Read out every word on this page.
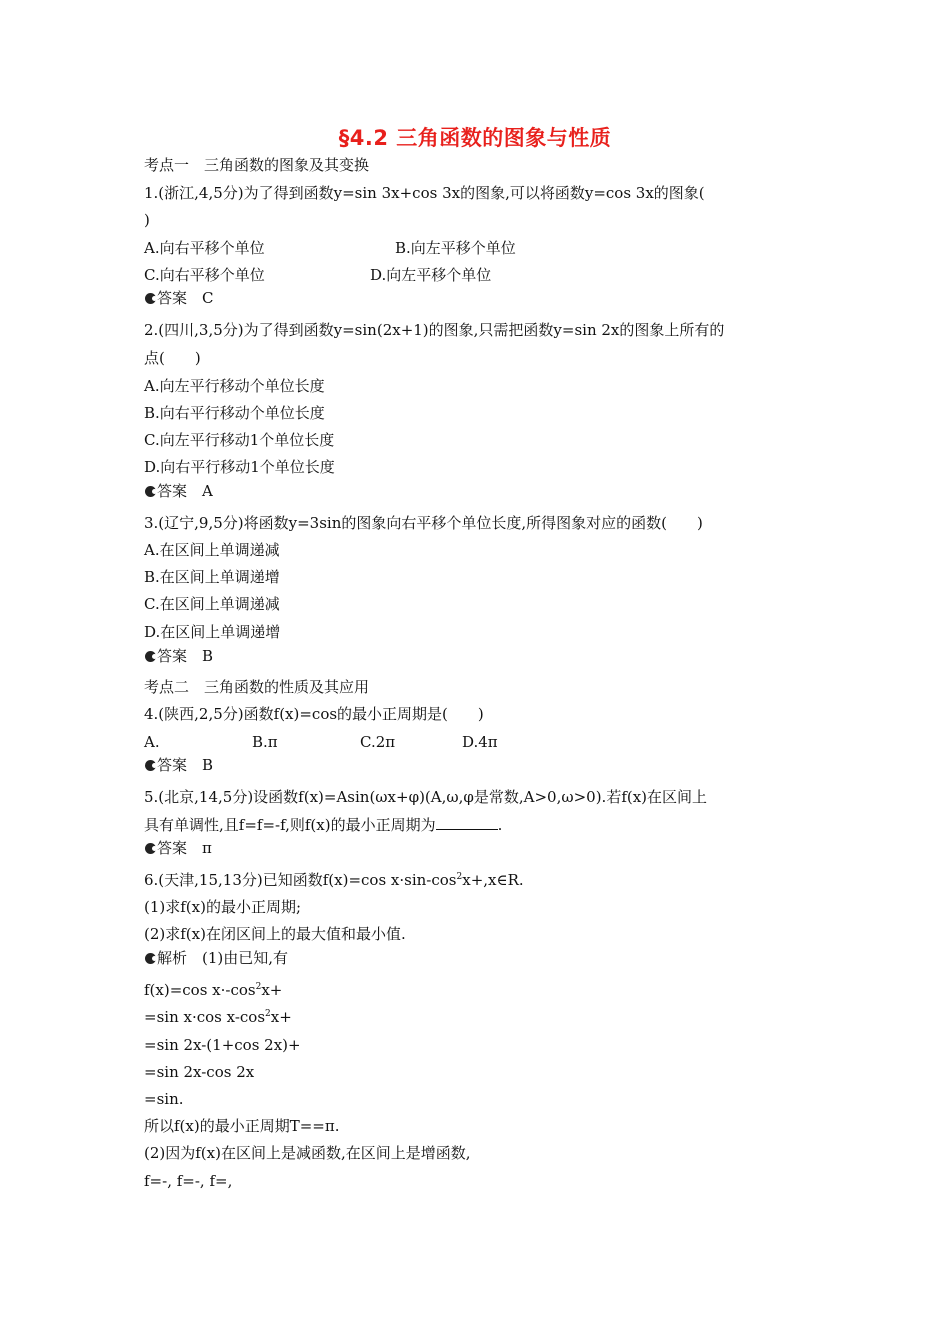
§4.2 三角函数的图象与性质
考点一　三角函数的图象及其变换
1.(浙江,4,5分)为了得到函数y=sin 3x+cos 3x的图象,可以将函数y=cos 3x的图象(
)
A.向右平移个单位	B.向左平移个单位
C.向右平移个单位	D.向左平移个单位
答案　C
2.(四川,3,5分)为了得到函数y=sin(2x+1)的图象,只需把函数y=sin 2x的图象上所有的
点(　　)
A.向左平行移动个单位长度
B.向右平行移动个单位长度
C.向左平行移动1个单位长度
D.向右平行移动1个单位长度
答案　A
3.(辽宁,9,5分)将函数y=3sin的图象向右平移个单位长度,所得图象对应的函数(　　)
A.在区间上单调递减
B.在区间上单调递增
C.在区间上单调递减
D.在区间上单调递增
答案　B
考点二　三角函数的性质及其应用
4.(陕西,2,5分)函数f(x)=cos的最小正周期是(　　)
A.	B.π	C.2π	D.4π
答案　B
5.(北京,14,5分)设函数f(x)=Asin(ωx+φ)(A,ω,φ是常数,A>0,ω>0).若f(x)在区间上
具有单调性,且f=f=-f,则f(x)的最小正周期为	.
答案　π
6.(天津,15,13分)已知函数f(x)=cos $x\cdot\sin-\cos^2x+,x\in R$.
(1)求f(x)的最小正周期;
(2)求f(x)在闭区间上的最大值和最小值.
解析　(1)由已知,有
f(x)=cos $x\cdot-\cos^2x+$
=sin x·cos $x-\cos^2x+$
=sin 2x-(1+cos 2x)+
=sin 2x-cos 2x
=sin.
所以f(x)的最小正周期T==π.
(2)因为f(x)在区间上是减函数,在区间上是增函数,
f=-, f=-, f=,
